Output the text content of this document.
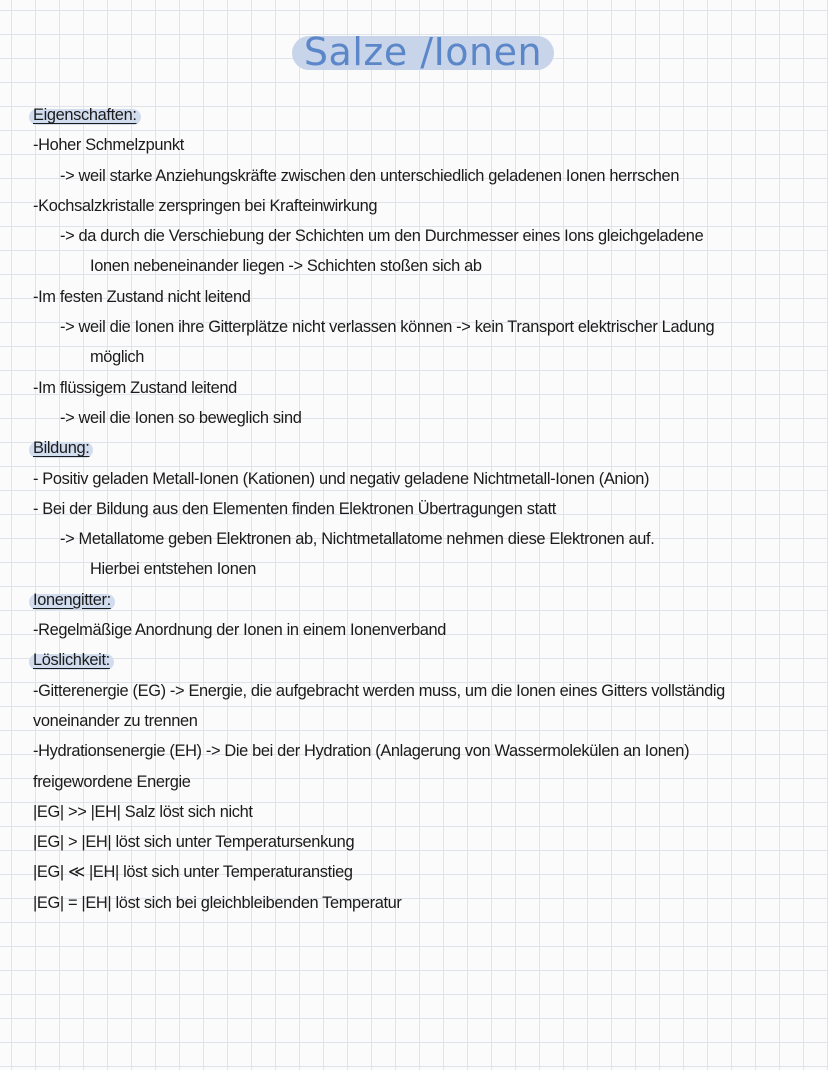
Salze /Ionen
Eigenschaften:
-Hoher Schmelzpunkt
-> weil starke Anziehungskräfte zwischen den unterschiedlich geladenen Ionen herrschen
-Kochsalzkristalle zerspringen bei Krafteinwirkung
-> da durch die Verschiebung der Schichten um den Durchmesser eines Ions gleichgeladene
Ionen nebeneinander liegen -> Schichten stoßen sich ab
-Im festen Zustand nicht leitend
-> weil die Ionen ihre Gitterplätze nicht verlassen können -> kein Transport elektrischer Ladung
möglich
-Im flüssigem Zustand leitend
-> weil die Ionen so beweglich sind
Bildung:
- Positiv geladen Metall-Ionen (Kationen) und negativ geladene Nichtmetall-Ionen (Anion)
- Bei der Bildung aus den Elementen finden Elektronen Übertragungen statt
-> Metallatome geben Elektronen ab, Nichtmetallatome nehmen diese Elektronen auf.
Hierbei entstehen Ionen
Ionengitter:
-Regelmäßige Anordnung der Ionen in einem Ionenverband
Löslichkeit:
-Gitterenergie (EG) -> Energie, die aufgebracht werden muss, um die Ionen eines Gitters vollständig
voneinander zu trennen
-Hydrationsenergie (EH) -> Die bei der Hydration (Anlagerung von Wassermolekülen an Ionen)
freigewordene Energie
|EG| >> |EH| Salz löst sich nicht
|EG| > |EH| löst sich unter Temperatursenkung
|EG| ≪ |EH| löst sich unter Temperaturanstieg
|EG| = |EH| löst sich bei gleichbleibenden Temperatur
